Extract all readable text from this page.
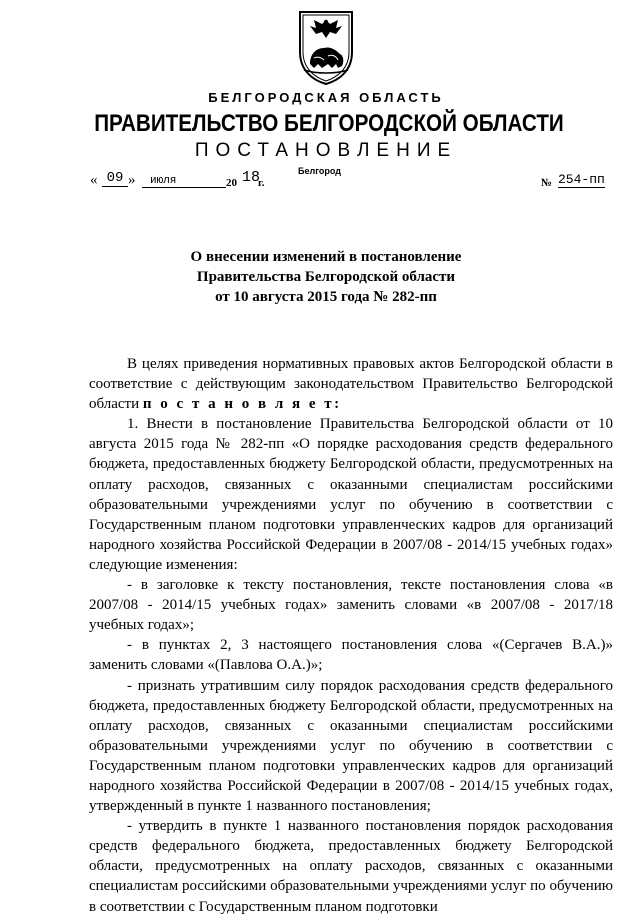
БЕЛГОРОДСКАЯ ОБЛАСТЬ
ПРАВИТЕЛЬСТВО БЕЛГОРОДСКОЙ ОБЛАСТИ
ПОСТАНОВЛЕНИЕ
Белгород
« 09 »	июля	20 18
г.	№ 254-пп
О внесении изменений в постановление
Правительства Белгородской области
от 10 августа 2015 года № 282-пп

В целях приведения нормативных правовых актов Белгородской области в соответствие с действующим законодательством Правительство Белгородской области п о с т а н о в л я е т:

1. Внести в постановление Правительства Белгородской области от 10 августа 2015 года № 282-пп «О порядке расходования средств федерального бюджета, предоставленных бюджету Белгородской области, предусмотренных на оплату расходов, связанных с оказанными специалистам российскими образовательными учреждениями услуг по обучению в соответствии с Государственным планом подготовки управленческих кадров для организаций народного хозяйства Российской Федерации в 2007/08 - 2014/15 учебных годах» следующие изменения:

- в заголовке к тексту постановления, тексте постановления слова «в 2007/08 - 2014/15 учебных годах» заменить словами «в 2007/08 - 2017/18 учебных годах»;

- в пунктах 2, 3 настоящего постановления слова «(Сергачев В.А.)» заменить словами «(Павлова О.А.)»;

- признать утратившим силу порядок расходования средств федерального бюджета, предоставленных бюджету Белгородской области, предусмотренных на оплату расходов, связанных с оказанными специалистам российскими образовательными учреждениями услуг по обучению в соответствии с Государственным планом подготовки управленческих кадров для организаций народного хозяйства Российской Федерации в 2007/08 - 2014/15 учебных годах, утвержденный в пункте 1 названного постановления;

- утвердить в пункте 1 названного постановления порядок расходования средств федерального бюджета, предоставленных бюджету Белгородской области, предусмотренных на оплату расходов, связанных с оказанными специалистам российскими образовательными учреждениями услуг по обучению в соответствии с Государственным планом подготовки
